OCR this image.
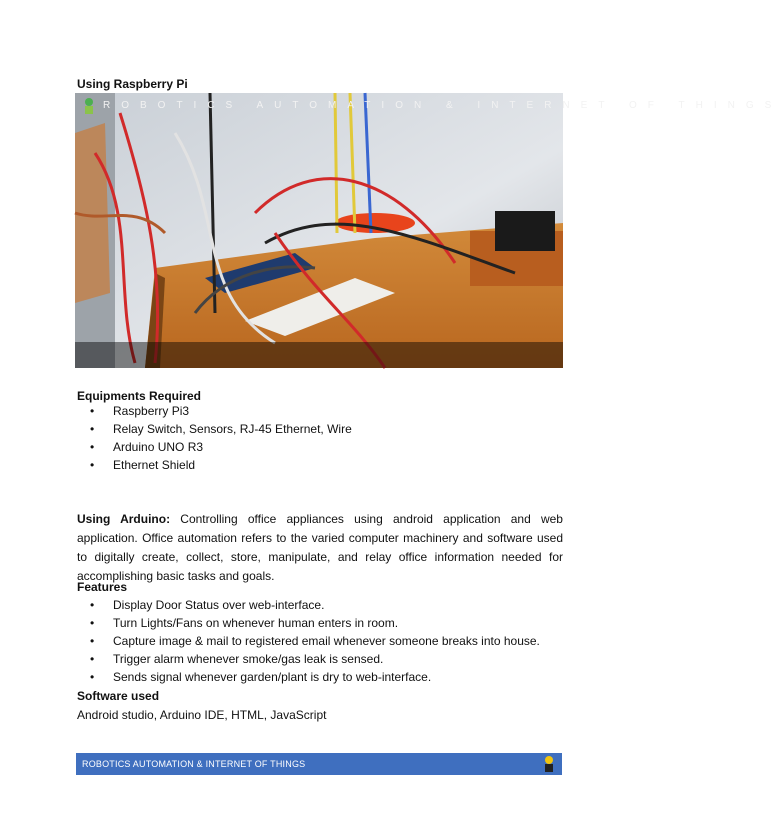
Using Raspberry Pi
ROBOTICS AUTOMATION & INTERNET OF THINGS
Equipments Required
• Raspberry Pi3
• Relay Switch, Sensors, RJ-45 Ethernet, Wire
• Arduino UNO R3
• Ethernet Shield
Using Arduino: Controlling office appliances using android application and web application. Office automation refers to the varied computer machinery and software used to digitally create, collect, store, manipulate, and relay office information needed for accomplishing basic tasks and goals.
Features
• Display Door Status over web-interface.
• Turn Lights/Fans on whenever human enters in room.
• Capture image & mail to registered email whenever someone breaks into house.
• Trigger alarm whenever smoke/gas leak is sensed.
• Sends signal whenever garden/plant is dry to web-interface.
Software used
Android studio, Arduino IDE, HTML, JavaScript
ROBOTICS AUTOMATION & INTERNET OF THINGS
